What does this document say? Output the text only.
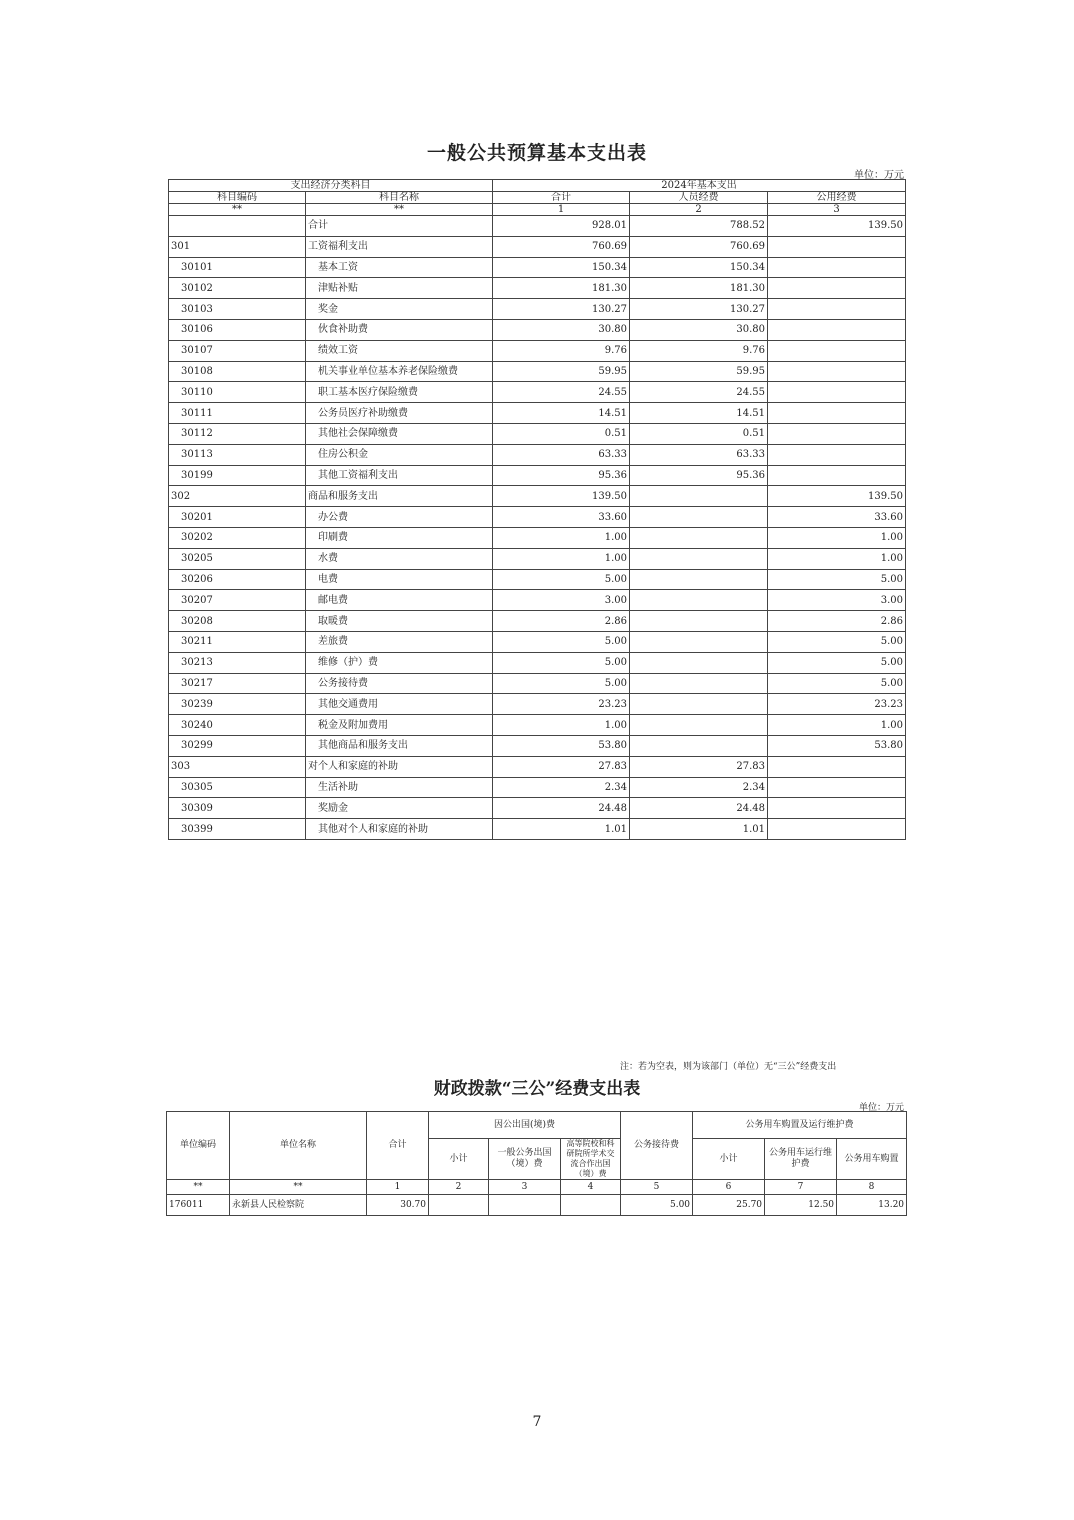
一般公共预算基本支出表
单位：万元
支出经济分类科目		2024年基本支出		
科目编码	科目名称	合计	人员经费	公用经费
**	**	1	2	3
	合计	928.01	788.52	139.50
301	工资福利支出	760.69	760.69	
30101	基本工资	150.34	150.34	
30102	津贴补贴	181.30	181.30	
30103	奖金	130.27	130.27	
30106	伙食补助费	30.80	30.80	
30107	绩效工资	9.76	9.76	
30108	机关事业单位基本养老保险缴费	59.95	59.95	
30110	职工基本医疗保险缴费	24.55	24.55	
30111	公务员医疗补助缴费	14.51	14.51	
30112	其他社会保障缴费	0.51	0.51	
30113	住房公积金	63.33	63.33	
30199	其他工资福利支出	95.36	95.36	
302	商品和服务支出	139.50		139.50
30201	办公费	33.60		33.60
30202	印刷费	1.00		1.00
30205	水费	1.00		1.00
30206	电费	5.00		5.00
30207	邮电费	3.00		3.00
30208	取暖费	2.86		2.86
30211	差旅费	5.00		5.00
30213	维修（护）费	5.00		5.00
30217	公务接待费	5.00		5.00
30239	其他交通费用	23.23		23.23
30240	税金及附加费用	1.00		1.00
30299	其他商品和服务支出	53.80		53.80
303	对个人和家庭的补助	27.83	27.83	
30305	生活补助	2.34	2.34	
30309	奖励金	24.48	24.48	
30399	其他对个人和家庭的补助	1.01	1.01	
注：若为空表，则为该部门（单位）无“三公”经费支出
财政拨款“三公”经费支出表
单位：万元
单位编码	单位名称	合计	因公出国(境)费			公务接待费	公务用车购置及运行维护费		
			小计	一般公务出国（境）费	高等院校和科研院所学术交流合作出国（境）费		小计	公务用车运行维护费	公务用车购置
**	**	1	2	3	4	5	6	7	8
176011	永新县人民检察院	30.70				5.00	25.70	12.50	13.20
7
